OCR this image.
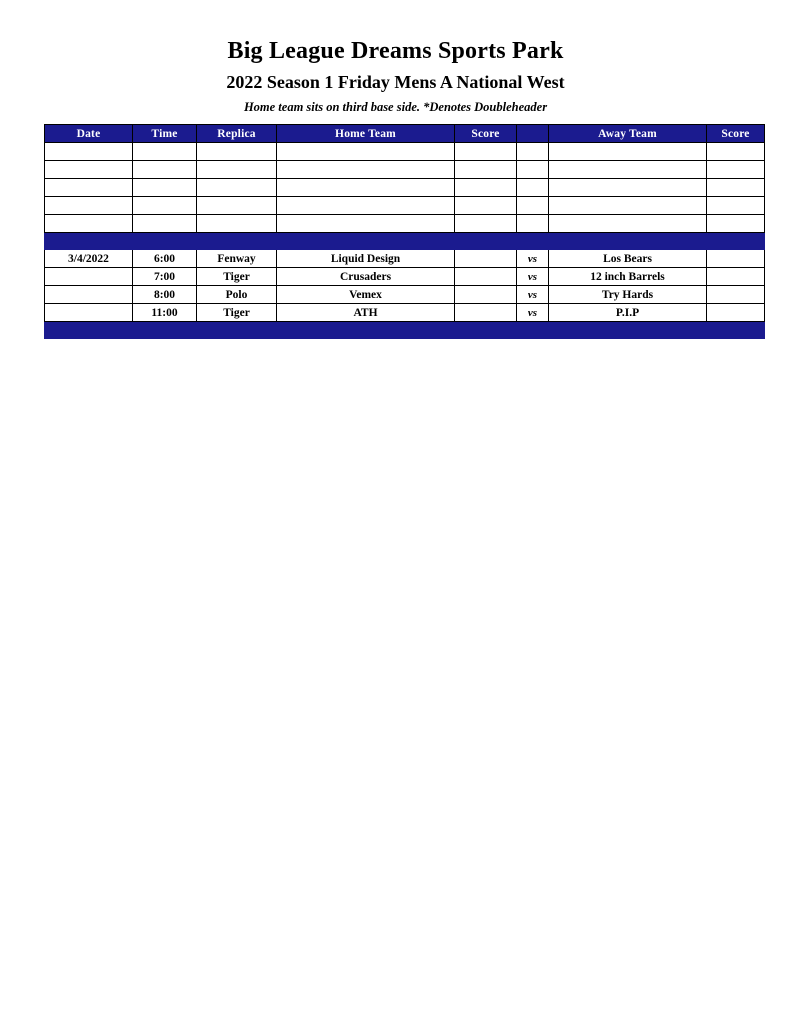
Big League Dreams Sports Park
2022 Season 1 Friday Mens A National West
Home team sits on third base side. *Denotes Doubleheader
Date	Time	Replica	Home Team	Score		Away Team	Score

3/4/2022	6:00	Fenway	Liquid Design		vs	Los Bears	
	7:00	Tiger	Crusaders		vs	12 inch Barrels	
	8:00	Polo	Vemex		vs	Try Hards	
	11:00	Tiger	ATH		vs	P.I.P	
